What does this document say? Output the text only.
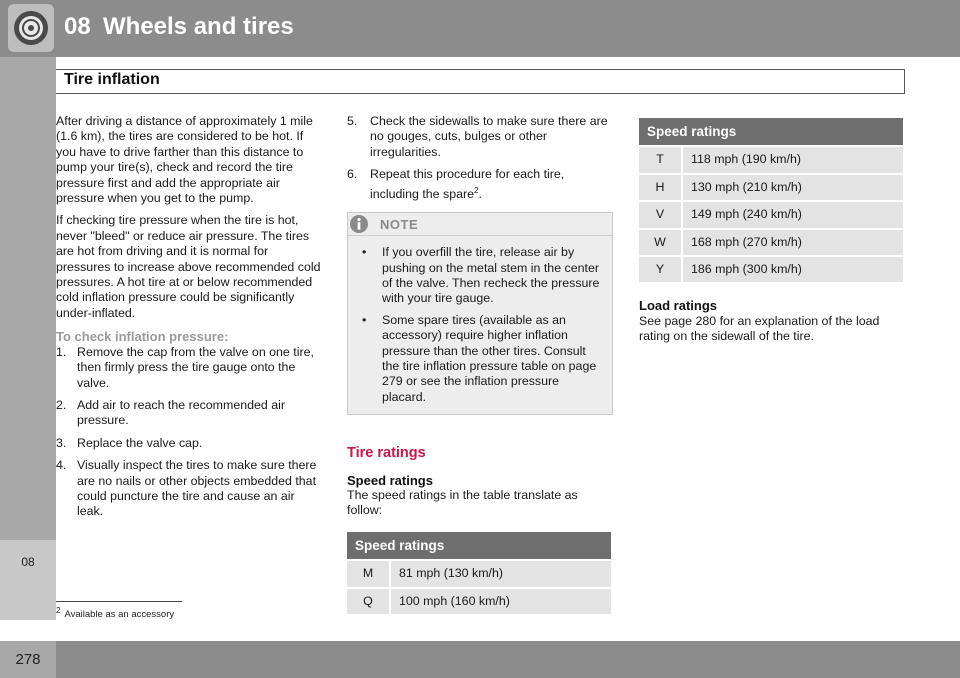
08 Wheels and tires
08
Tire inflation

After driving a distance of approximately 1 mile (1.6 km), the tires are considered to be hot. If you have to drive farther than this distance to pump your tire(s), check and record the tire pressure first and add the appropriate air pressure when you get to the pump.

If checking tire pressure when the tire is hot, never "bleed" or reduce air pressure. The tires are hot from driving and it is normal for pressures to increase above recommended cold pressures. A hot tire at or below recommended cold inflation pressure could be significantly under-inflated.

To check inflation pressure:
1. Remove the cap from the valve on one tire, then firmly press the tire gauge onto the valve.
2. Add air to reach the recommended air pressure.
3. Replace the valve cap.
4. Visually inspect the tires to make sure there are no nails or other objects embedded that could puncture the tire and cause an air leak.
5. Check the sidewalls to make sure there are no gouges, cuts, bulges or other irregularities.
6. Repeat this procedure for each tire, including the spare$^2$.
NOTE
• If you overfill the tire, release air by pushing on the metal stem in the center of the valve. Then recheck the pressure with your tire gauge.
• Some spare tires (available as an accessory) require higher inflation pressure than the other tires. Consult the tire inflation pressure table on page 279 or see the inflation pressure placard.
Tire ratings
Speed ratings
The speed ratings in the table translate as follow:
Speed ratings	
M	81 mph (130 km/h)
Q	100 mph (160 km/h)
Speed ratings	
T	118 mph (190 km/h)
H	130 mph (210 km/h)
V	149 mph (240 km/h)
W	168 mph (270 km/h)
Y	186 mph (300 km/h)
Load ratings
See page 280 for an explanation of the load rating on the sidewall of the tire.
$^2$ Available as an accessory
278
